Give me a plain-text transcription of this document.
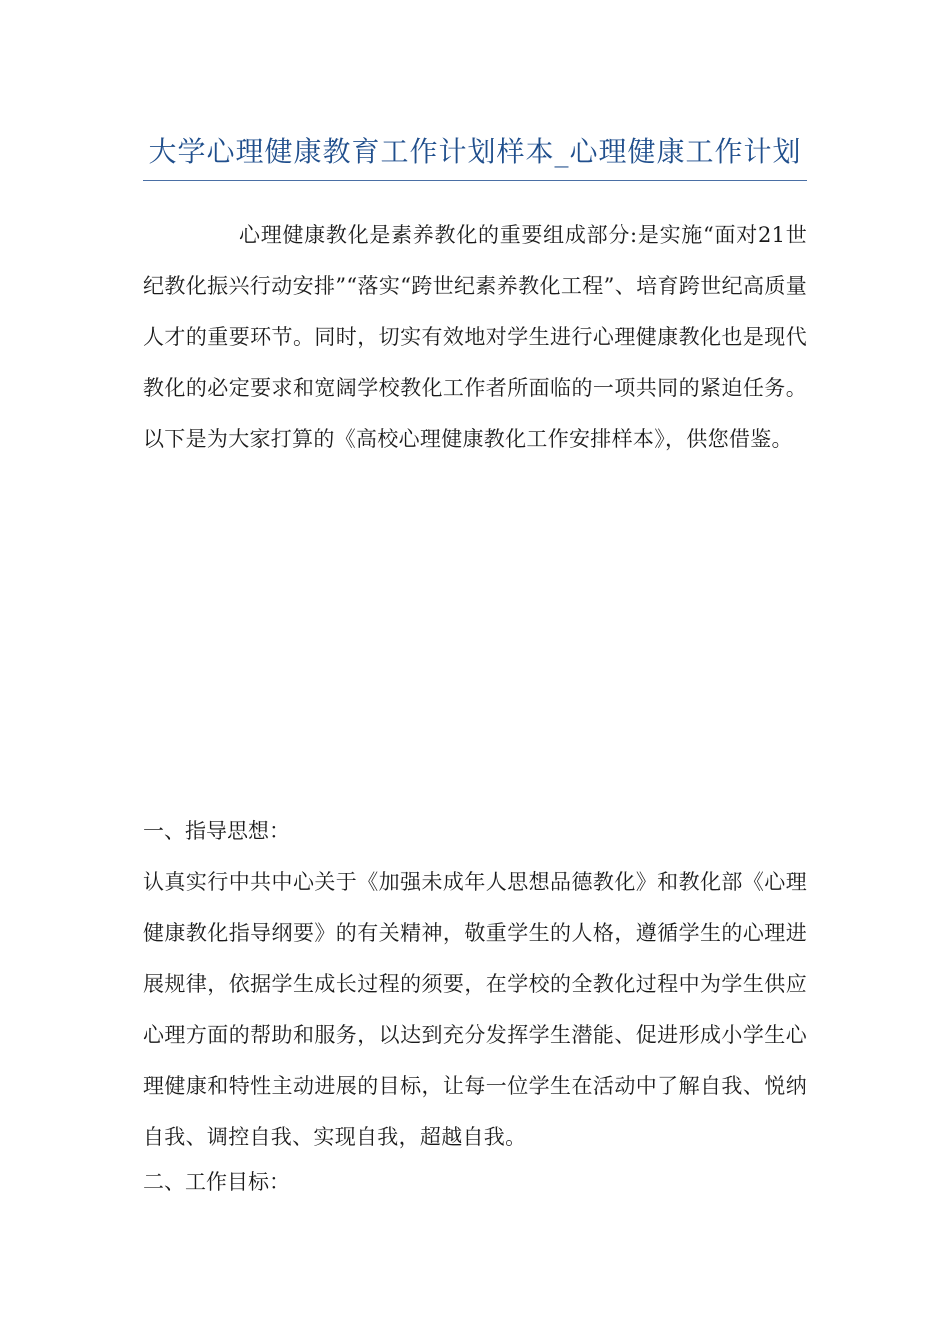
大学心理健康教育工作计划样本_心理健康工作计划

心理健康教化是素养教化的重要组成部分:是实施“面对21世纪教化振兴行动安排”“落实“跨世纪素养教化工程”、培育跨世纪高质量人才的重要环节。同时，切实有效地对学生进行心理健康教化也是现代教化的必定要求和宽阔学校教化工作者所面临的一项共同的紧迫任务。以下是为大家打算的《高校心理健康教化工作安排样本》，供您借鉴。

一、指导思想：

认真实行中共中心关于《加强未成年人思想品德教化》和教化部《心理健康教化指导纲要》的有关精神，敬重学生的人格，遵循学生的心理进展规律，依据学生成长过程的须要，在学校的全教化过程中为学生供应心理方面的帮助和服务，以达到充分发挥学生潜能、促进形成小学生心理健康和特性主动进展的目标，让每一位学生在活动中了解自我、悦纳自我、调控自我、实现自我，超越自我。

二、工作目标：
